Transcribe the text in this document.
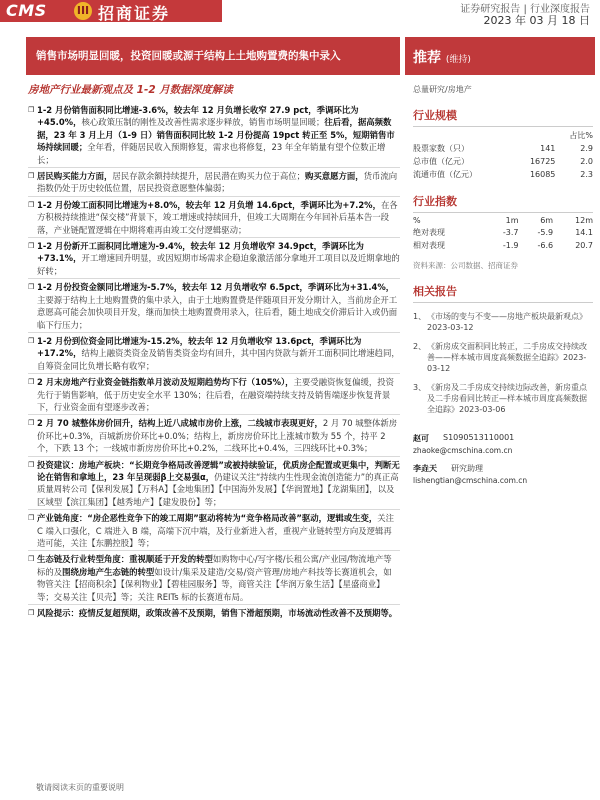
CMS	III 招商证券	证券研究报告 | 行业深度报告
2023 年 03 月 18 日
销售市场明显回暖，投资回暖或源于结构上土地购置费的集中录入	推荐 (维持)
房地产行业最新观点及 1-2 月数据深度解读
❒ 1-2 月份销售面积同比增速-3.6%，较去年 12 月负增长收窄 27.9 pct，季调环比为+45.0%，核心政策压制的刚性及改善性需求逐步释放，销售市场明显回暖；往后看，据高频数据，23 年 3 月上月（1-9 日）销售面积同比较 1-2 月份提高 19pct 转正至 5%，短期销售市场持续回暖；全年看，伴随居民收入预期修复，需求也将修复，23 年全年销量有望个位数正增长；
❒ 居民购买能力方面，居民存款余额持续提升，居民潜在购买力位于高位；购买意愿方面，货币流向指数仍处于历史较低位置，居民投资意愿整体偏弱；
❒ 1-2 月份竣工面积同比增速为+8.0%，较去年 12 月负增 14.6pct，季调环比为+7.2%，在各方积极持续推进“保交楼”背景下，竣工增速或持续回升，但竣工大周期在今年回补后基本告一段落，产业链配置逻辑在中期将难再由竣工交付逻辑驱动；
❒ 1-2 月份新开工面积同比增速为-9.4%，较去年 12 月负增收窄 34.9pct，季调环比为+73.1%，开工增速回升明显，或因短期市场需求企稳迫象激活部分拿地开工项目以及近期拿地的好转；
❒ 1-2 月份投资金额同比增速为-5.7%，较去年 12 月负增收窄 6.5pct，季调环比为+31.4%，主要源于结构上土地购置费的集中录入，由于土地购置费是伴随项目开发分期计入，当前房企开工意愿高可能会加快项目开发，继而加快土地购置费用录入，往后看，随土地成交价滞后计入或仍面临下行压力；
❒ 1-2 月份到位资金同比增速为-15.2%，较去年 12 月负增收窄 13.6pct，季调环比为+17.2%，结构上融资类资金及销售类资金均有回升，其中国内贷款与新开工面积同比增速趋同，自筹资金同比负增长略有收窄；
❒ 2 月末房地产行业资金链指数单月波动及短期趋势均下行（105%），主要受融资恢复偏缓，投资先行于销售影响，低于历史安全水平 130%；往后看，在融资端持续支持及销售端逐步恢复背景下，行业资金面有望逐步改善；
❒ 2 月 70 城整体房价回升，结构上近八成城市房价上涨，二线城市表现更好，2 月 70 城整体新房价环比+0.3%，百城新房价环比+0.0%；结构上，新房房价环比上涨城市数为 55 个，持平 2 个，下跌 13 个；一线城市新房房价环比+0.2%，二线环比+0.4%，三四线环比+0.3%；
❒ 投资建议：房地产板块：“长期竞争格局改善逻辑”或被持续验证，优质房企配置或更集中，判断无论在销售和拿地上，23 年呈现弱β上交易强α，仍建议关注“持续内生性现金流创造能力”的真正高质量周转公司【保利发展】【万科A】【金地集团】【中国海外发展】【华润置地】【龙湖集团】，以及区域型【滨江集团】【越秀地产】【建发股份】等；
❒ 产业链角度：“房企恶性竞争下的竣工周期”驱动将转为“竞争格局改善”驱动，逻辑或生变，关注 C 端入口强化，C 端进入 B 端，高端下沉中端，及行业新进入者，重视产业链转型方向及逻辑再造可能，关注【东鹏控股】等；
❒ 生态链及行业转型角度：重视顺延于开发的转型如购物中心/写字楼/长租公寓/产业园/物流地产等标的及围绕房地产生态链的转型如设计/集采及建造/交易/资产管理/房地产科技等长赛道机会，如物管关注【招商积余】【保利物业】【碧桂园服务】等，商管关注【华润万象生活】【星盛商业】等；交易关注【贝壳】等；关注 REITs 标的长赛道布局。
❒ 风险提示：疫情反复超预期，政策改善不及预期，销售下滑超预期，市场流动性改善不及预期等。
总量研究/房地产
行业规模
		占比%
股票家数（只）	141	2.9
总市值（亿元）	16725	2.0
流通市值（亿元）	16085	2.3
行业指数
%	1m	6m	12m
绝对表现	-3.7	-5.9	14.1
相对表现	-1.9	-6.6	20.7
资料来源：公司数据、招商证券
相关报告
1、 《市场的变与不变——房地产板块最新观点》2023-03-12
2、 《新房成交面积同比转正，二手房成交持续改善——样本城市周度高频数据全追踪》2023-03-12
3、 《新房及二手房成交持续边际改善，新房重点及二手房看同比转正—样本城市周度高频数据全追踪》2023-03-06
赵可 S1090513110001
zhaoke@cmschina.com.cn
李垚天 研究助理
lishengtian@cmschina.com.cn
敬请阅读末页的重要说明
